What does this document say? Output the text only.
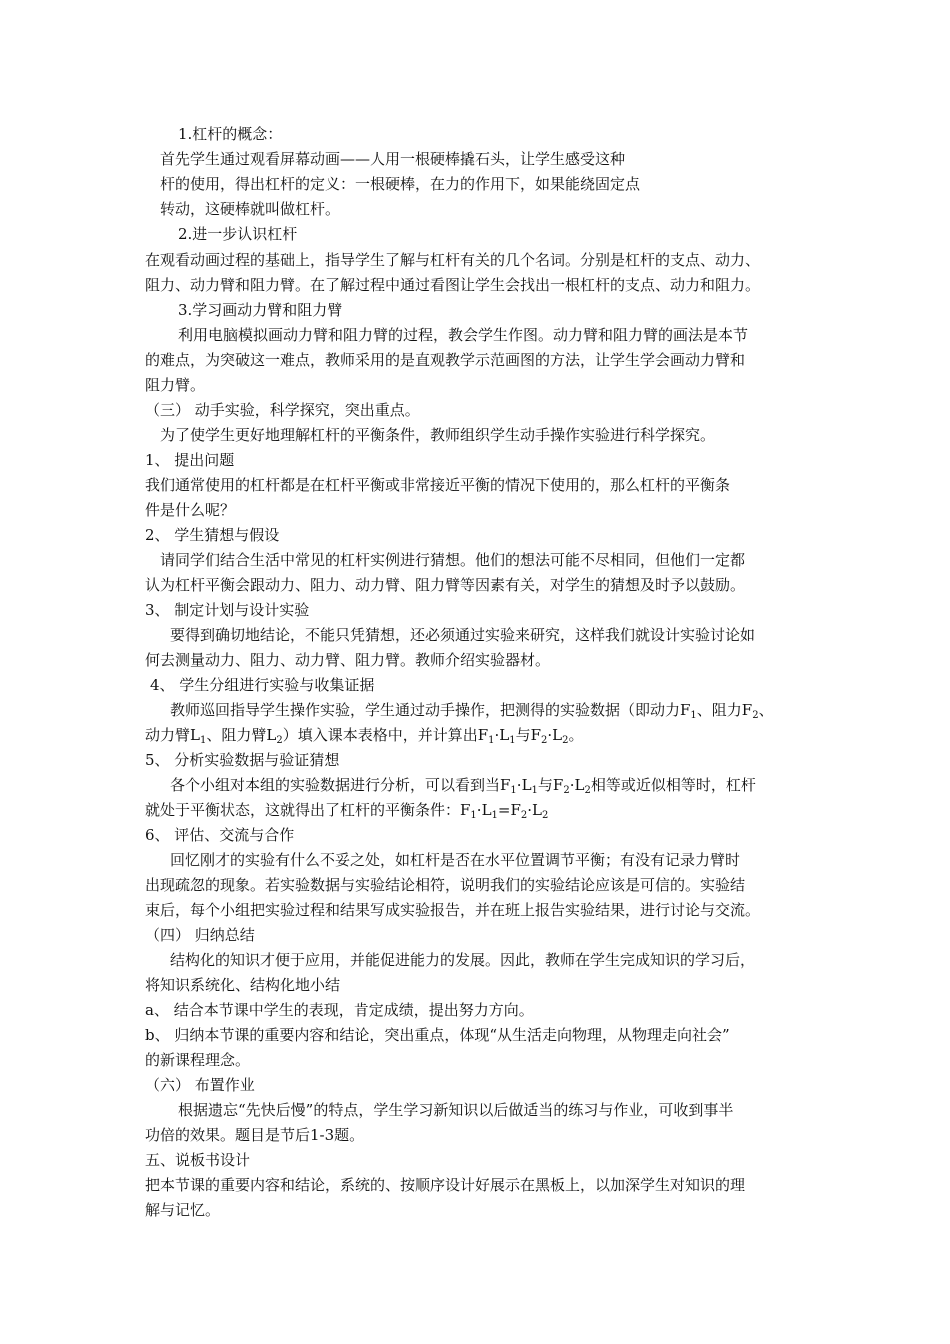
1.杠杆的概念：
首先学生通过观看屏幕动画——人用一根硬棒撬石头，让学生感受这种
杆的使用，得出杠杆的定义：一根硬棒，在力的作用下，如果能绕固定点
转动，这硬棒就叫做杠杆。
2.进一步认识杠杆
在观看动画过程的基础上，指导学生了解与杠杆有关的几个名词。分别是杠杆的支点、动力、
阻力、动力臂和阻力臂。在了解过程中通过看图让学生会找出一根杠杆的支点、动力和阻力。
3.学习画动力臂和阻力臂
利用电脑模拟画动力臂和阻力臂的过程，教会学生作图。动力臂和阻力臂的画法是本节
的难点，为突破这一难点，教师采用的是直观教学示范画图的方法，让学生学会画动力臂和
阻力臂。
（三） 动手实验，科学探究，突出重点。
为了使学生更好地理解杠杆的平衡条件，教师组织学生动手操作实验进行科学探究。
1、 提出问题
我们通常使用的杠杆都是在杠杆平衡或非常接近平衡的情况下使用的，那么杠杆的平衡条
件是什么呢？
2、 学生猜想与假设
请同学们结合生活中常见的杠杆实例进行猜想。他们的想法可能不尽相同，但他们一定都
认为杠杆平衡会跟动力、阻力、动力臂、阻力臂等因素有关，对学生的猜想及时予以鼓励。
3、 制定计划与设计实验
要得到确切地结论，不能只凭猜想，还必须通过实验来研究，这样我们就设计实验讨论如
何去测量动力、阻力、动力臂、阻力臂。教师介绍实验器材。
4、 学生分组进行实验与收集证据
教师巡回指导学生操作实验，学生通过动手操作，把测得的实验数据（即动力$F_1$、阻力$F_2$、
动力臂$L_1$、阻力臂$L_2$）填入课本表格中，并计算出$F_1\cdot L_1$与$F_2\cdot L_2$。
5、 分析实验数据与验证猜想
各个小组对本组的实验数据进行分析，可以看到当$F_1\cdot L_1$与$F_2\cdot L_2$相等或近似相等时，杠杆
就处于平衡状态，这就得出了杠杆的平衡条件：$F_1\cdot L_1=F_2\cdot L_2$
6、 评估、交流与合作
回忆刚才的实验有什么不妥之处，如杠杆是否在水平位置调节平衡；有没有记录力臂时
出现疏忽的现象。若实验数据与实验结论相符，说明我们的实验结论应该是可信的。实验结
束后，每个小组把实验过程和结果写成实验报告，并在班上报告实验结果，进行讨论与交流。
（四） 归纳总结
结构化的知识才便于应用，并能促进能力的发展。因此，教师在学生完成知识的学习后，
将知识系统化、结构化地小结
a、 结合本节课中学生的表现，肯定成绩，提出努力方向。
b、 归纳本节课的重要内容和结论，突出重点，体现“从生活走向物理，从物理走向社会”
的新课程理念。
（六） 布置作业
根据遗忘“先快后慢”的特点，学生学习新知识以后做适当的练习与作业，可收到事半
功倍的效果。题目是节后1-3题。
五、说板书设计
把本节课的重要内容和结论，系统的、按顺序设计好展示在黑板上，以加深学生对知识的理
解与记忆。
